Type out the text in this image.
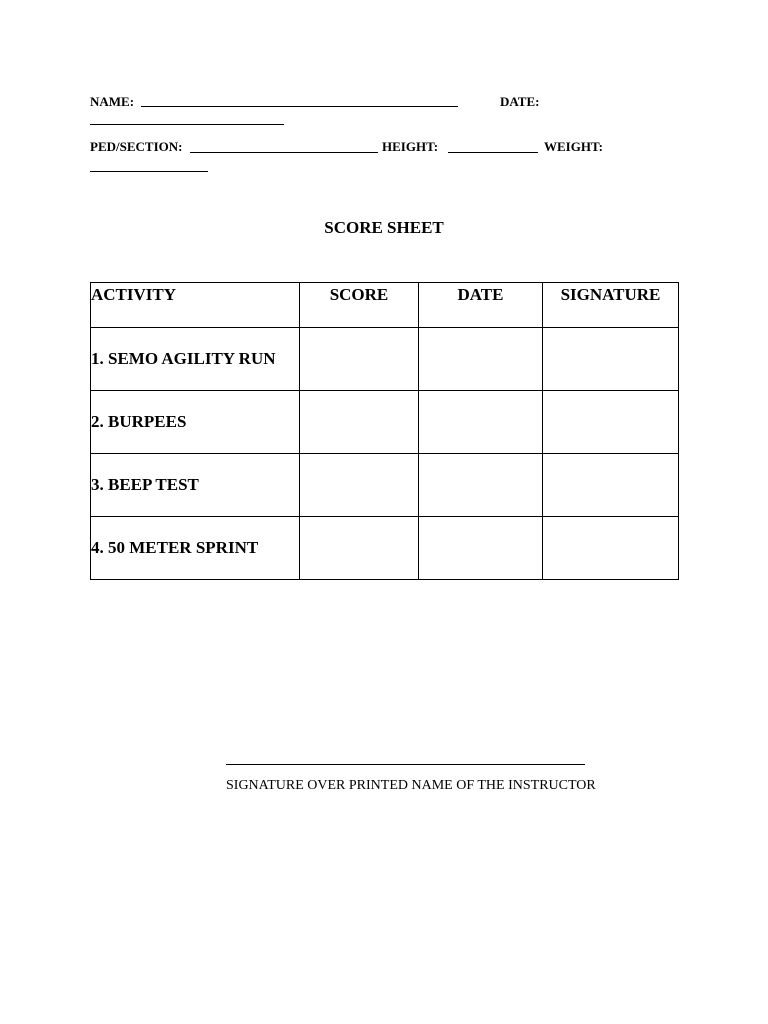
NAME:	DATE:
PED/SECTION:	HEIGHT:	WEIGHT:
SCORE SHEET
ACTIVITY	SCORE	DATE	SIGNATURE
1. SEMO AGILITY RUN			
2. BURPEES			
3. BEEP TEST			
4. 50 METER SPRINT			
SIGNATURE OVER PRINTED NAME OF THE INSTRUCTOR
